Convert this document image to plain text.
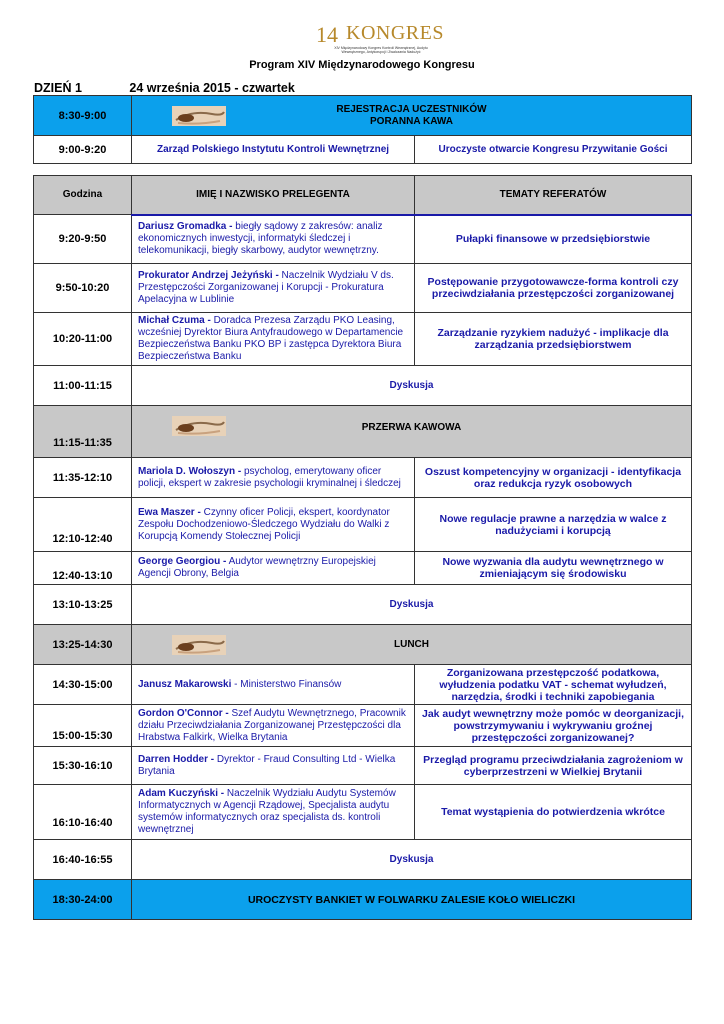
14 KONGRES
XIV Międzynarodowy Kongres Kontroli Wewnętrznej, Audytu Wewnętrznego, Antykorupcji i Zwalczania Nadużyć
Program XIV Międzynarodowego Kongresu
DZIEŃ 1	24 września 2015 - czwartek
8:30-9:00	REJESTRACJA UCZESTNIKÓW
PORANNA KAWA	

9:00-9:20	Zarząd Polskiego Instytutu Kontroli Wewnętrznej	Uroczyste otwarcie Kongresu Przywitanie Gości
Godzina	IMIĘ I NAZWISKO PRELEGENTA	TEMATY REFERATÓW
9:20-9:50	Dariusz Gromadka - biegły sądowy z zakresów: analiz ekonomicznych inwestycji, informatyki śledczej i telekomunikacji, biegły skarbowy, audytor wewnętrzny.	Pułapki finansowe w przedsiębiorstwie
9:50-10:20	Prokurator Andrzej Jeżyński - Naczelnik Wydziału V ds. Przestępczości Zorganizowanej i Korupcji - Prokuratura Apelacyjna w Lublinie	Postępowanie przygotowawcze-forma kontroli czy przeciwdziałania przestępczości zorganizowanej
10:20-11:00	Michał Czuma - Doradca Prezesa Zarządu PKO Leasing, wcześniej Dyrektor Biura Antyfraudowego w Departamencie Bezpieczeństwa Banku PKO BP i zastępca Dyrektora Biura Bezpieczeństwa Banku	Zarządzanie ryzykiem nadużyć - implikacje dla zarządzania przedsiębiorstwem
11:00-11:15	Dyskusja	
11:15-11:35	PRZERWA KAWOWA	
11:35-12:10	Mariola D. Wołoszyn - psycholog, emerytowany oficer policji, ekspert w zakresie psychologii kryminalnej i śledczej	Oszust kompetencyjny w organizacji - identyfikacja oraz redukcja ryzyk osobowych
12:10-12:40	Ewa Maszer - Czynny oficer Policji, ekspert, koordynator Zespołu Dochodzeniowo-Śledczego Wydziału do Walki z Korupcją Komendy Stołecznej Policji	Nowe regulacje prawne a narzędzia w walce z nadużyciami i korupcją
12:40-13:10	George Georgiou - Audytor wewnętrzny Europejskiej Agencji Obrony, Belgia	Nowe wyzwania dla audytu wewnętrznego w zmieniającym się środowisku
13:10-13:25	Dyskusja	
13:25-14:30	LUNCH	
14:30-15:00	Janusz Makarowski - Ministerstwo Finansów	Zorganizowana przestępczość podatkowa, wyłudzenia podatku VAT - schemat wyłudzeń, narzędzia, środki i techniki zapobiegania
15:00-15:30	Gordon O'Connor - Szef Audytu Wewnętrznego, Pracownik działu Przeciwdziałania Zorganizowanej Przestępczości dla Hrabstwa Falkirk, Wielka Brytania	Jak audyt wewnętrzny może pomóc w deorganizacji, powstrzymywaniu i wykrywaniu groźnej przestępczości zorganizowanej?
15:30-16:10	Darren Hodder - Dyrektor - Fraud Consulting Ltd - Wielka Brytania	Przegląd programu przeciwdziałania zagrożeniom w cyberprzestrzeni w Wielkiej Brytanii
16:10-16:40	Adam Kuczyński - Naczelnik Wydziału Audytu Systemów Informatycznych w Agencji Rządowej, Specjalista audytu systemów informatycznych oraz specjalista ds. kontroli wewnętrznej	Temat wystąpienia do potwierdzenia wkrótce
16:40-16:55	Dyskusja	
18:30-24:00	UROCZYSTY BANKIET W FOLWARKU ZALESIE KOŁO WIELICZKI	
